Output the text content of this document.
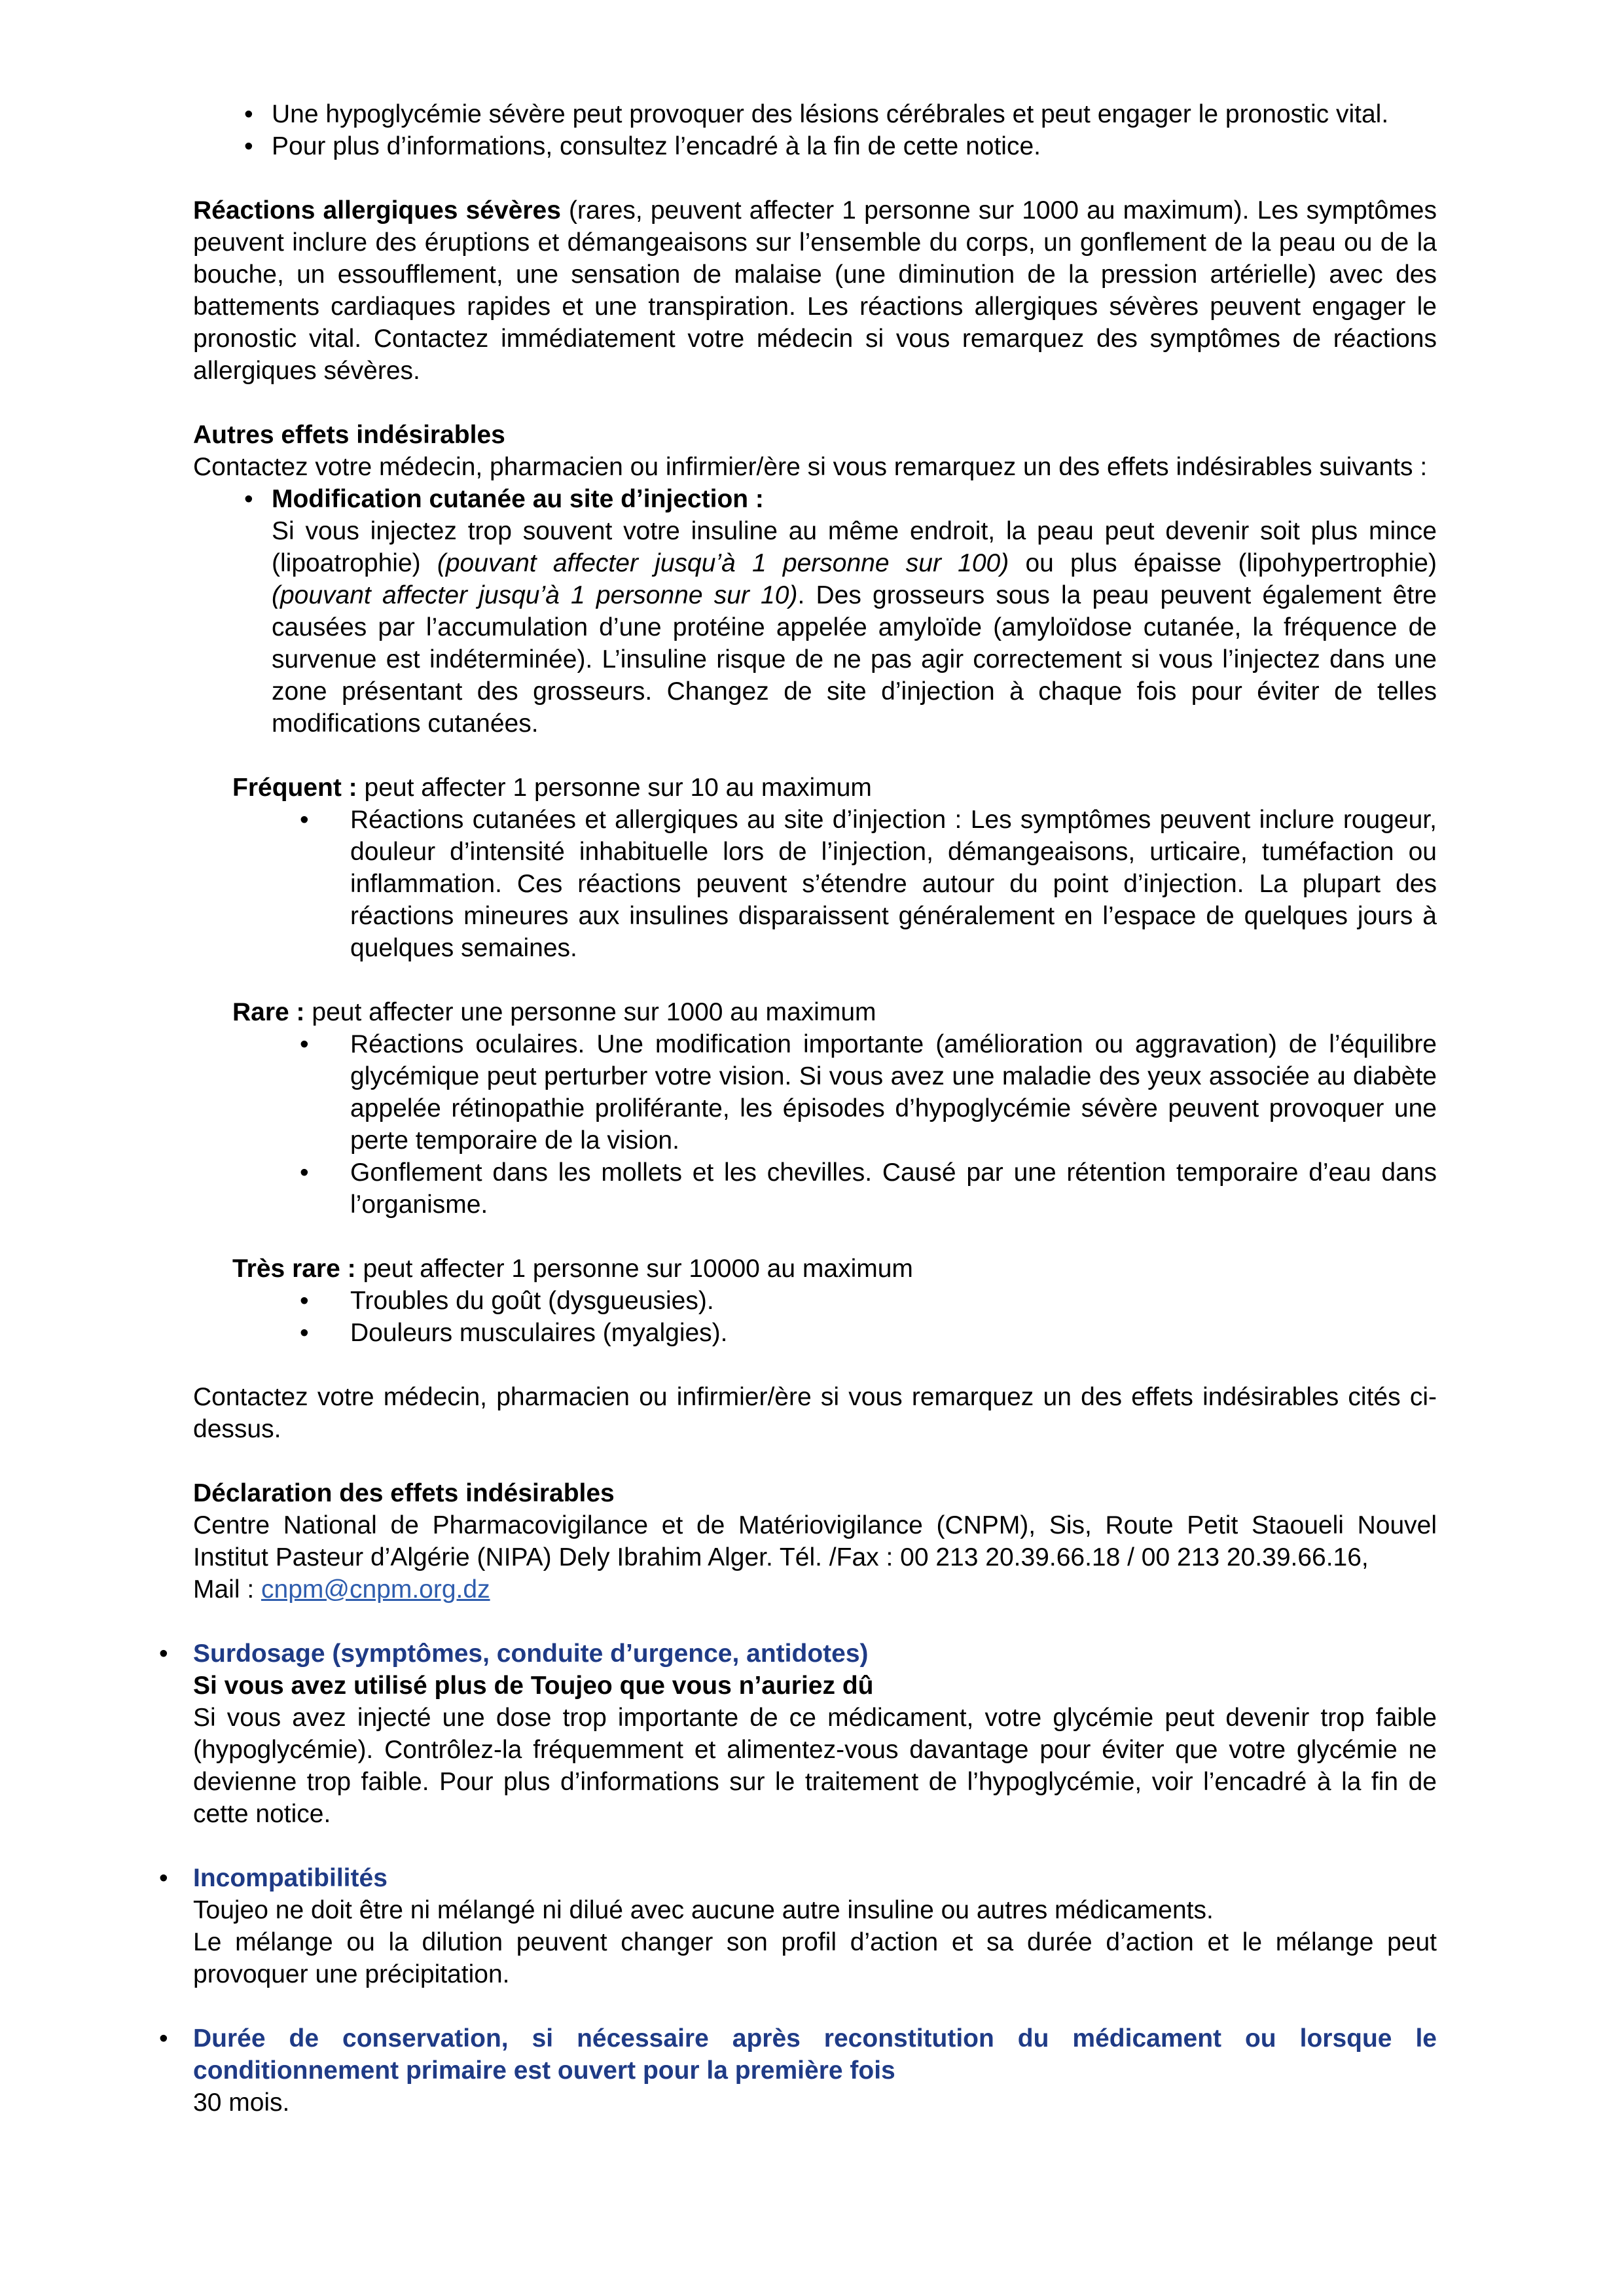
• Une hypoglycémie sévère peut provoquer des lésions cérébrales et peut engager le pronostic vital.

• Pour plus d’informations, consultez l’encadré à la fin de cette notice.

Réactions allergiques sévères (rares, peuvent affecter 1 personne sur 1000 au maximum). Les symptômes peuvent inclure des éruptions et démangeaisons sur l’ensemble du corps, un gonflement de la peau ou de la bouche, un essoufflement, une sensation de malaise (une diminution de la pression artérielle) avec des battements cardiaques rapides et une transpiration. Les réactions allergiques sévères peuvent engager le pronostic vital. Contactez immédiatement votre médecin si vous remarquez des symptômes de réactions allergiques sévères.

Autres effets indésirables

Contactez votre médecin, pharmacien ou infirmier/ère si vous remarquez un des effets indésirables suivants :

• Modification cutanée au site d’injection :

Si vous injectez trop souvent votre insuline au même endroit, la peau peut devenir soit plus mince (lipoatrophie) (pouvant affecter jusqu’à 1 personne sur 100) ou plus épaisse (lipohypertrophie) (pouvant affecter jusqu’à 1 personne sur 10). Des grosseurs sous la peau peuvent également être causées par l’accumulation d’une protéine appelée amyloïde (amyloïdose cutanée, la fréquence de survenue est indéterminée). L’insuline risque de ne pas agir correctement si vous l’injectez dans une zone présentant des grosseurs. Changez de site d’injection à chaque fois pour éviter de telles modifications cutanées.

Fréquent : peut affecter 1 personne sur 10 au maximum

• Réactions cutanées et allergiques au site d’injection : Les symptômes peuvent inclure rougeur, douleur d’intensité inhabituelle lors de l’injection, démangeaisons, urticaire, tuméfaction ou inflammation. Ces réactions peuvent s’étendre autour du point d’injection. La plupart des réactions mineures aux insulines disparaissent généralement en l’espace de quelques jours à quelques semaines.

Rare : peut affecter une personne sur 1000 au maximum

• Réactions oculaires. Une modification importante (amélioration ou aggravation) de l’équilibre glycémique peut perturber votre vision. Si vous avez une maladie des yeux associée au diabète appelée rétinopathie proliférante, les épisodes d’hypoglycémie sévère peuvent provoquer une perte temporaire de la vision.

• Gonflement dans les mollets et les chevilles. Causé par une rétention temporaire d’eau dans l’organisme.

Très rare : peut affecter 1 personne sur 10000 au maximum

• Troubles du goût (dysgueusies).

• Douleurs musculaires (myalgies).

Contactez votre médecin, pharmacien ou infirmier/ère si vous remarquez un des effets indésirables cités ci-dessus.

Déclaration des effets indésirables

Centre National de Pharmacovigilance et de Matériovigilance (CNPM), Sis, Route Petit Staoueli Nouvel Institut Pasteur d’Algérie (NIPA) Dely Ibrahim Alger. Tél. /Fax : 00 213 20.39.66.18 / 00 213 20.39.66.16,

Mail : cnpm@cnpm.org.dz

• Surdosage (symptômes, conduite d’urgence, antidotes)

Si vous avez utilisé plus de Toujeo que vous n’auriez dû

Si vous avez injecté une dose trop importante de ce médicament, votre glycémie peut devenir trop faible (hypoglycémie). Contrôlez-la fréquemment et alimentez-vous davantage pour éviter que votre glycémie ne devienne trop faible. Pour plus d’informations sur le traitement de l’hypoglycémie, voir l’encadré à la fin de cette notice.

• Incompatibilités

Toujeo ne doit être ni mélangé ni dilué avec aucune autre insuline ou autres médicaments.

Le mélange ou la dilution peuvent changer son profil d’action et sa durée d’action et le mélange peut provoquer une précipitation.

• Durée de conservation, si nécessaire après reconstitution du médicament ou lorsque le conditionnement primaire est ouvert pour la première fois

30 mois.
